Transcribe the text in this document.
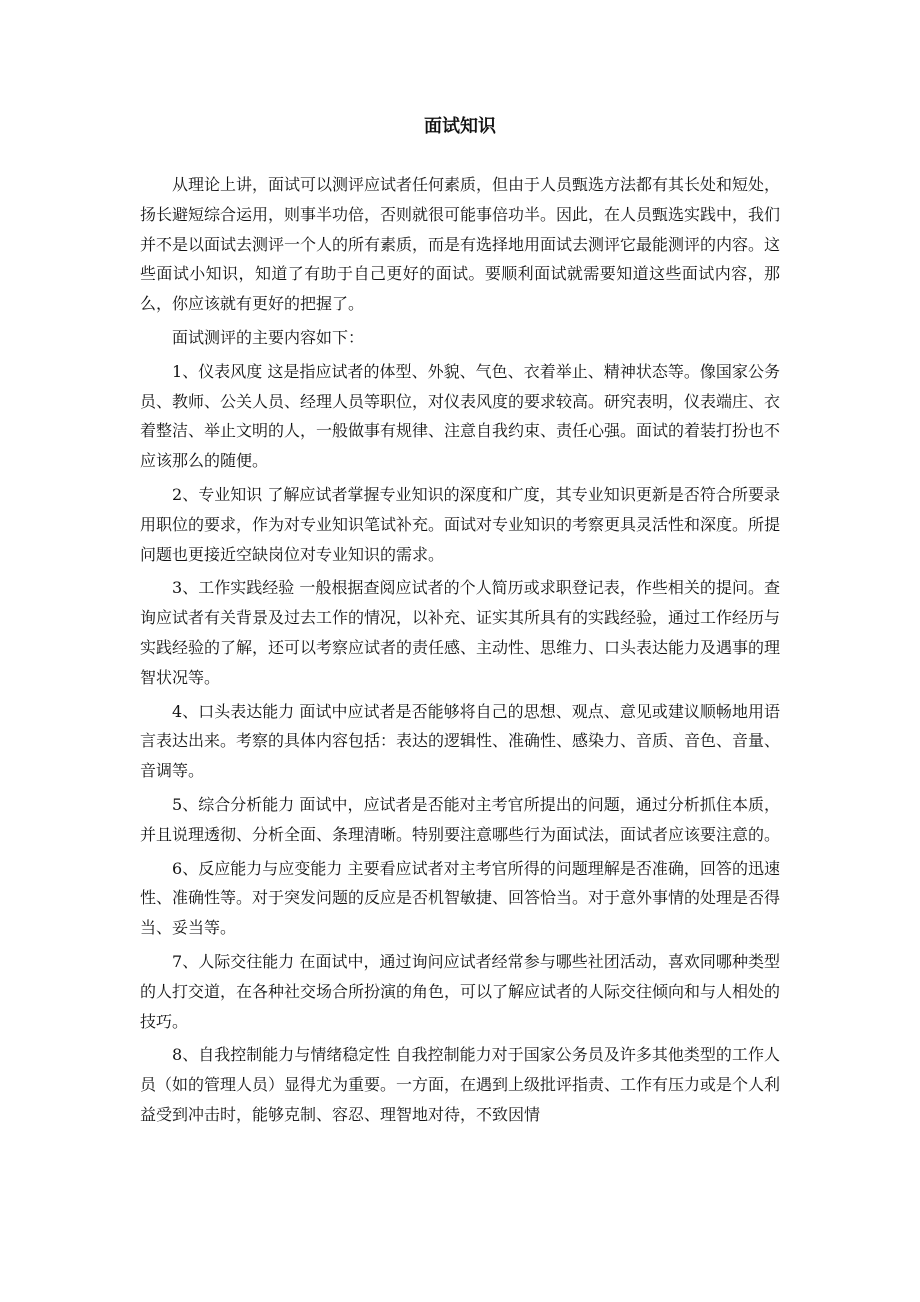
面试知识

从理论上讲，面试可以测评应试者任何素质，但由于人员甄选方法都有其长处和短处，扬长避短综合运用，则事半功倍，否则就很可能事倍功半。因此，在人员甄选实践中，我们并不是以面试去测评一个人的所有素质，而是有选择地用面试去测评它最能测评的内容。这些面试小知识，知道了有助于自己更好的面试。要顺利面试就需要知道这些面试内容，那么，你应该就有更好的把握了。

面试测评的主要内容如下：

1、仪表风度 这是指应试者的体型、外貌、气色、衣着举止、精神状态等。像国家公务员、教师、公关人员、经理人员等职位，对仪表风度的要求较高。研究表明，仪表端庄、衣着整洁、举止文明的人，一般做事有规律、注意自我约束、责任心强。面试的着装打扮也不应该那么的随便。

2、专业知识 了解应试者掌握专业知识的深度和广度，其专业知识更新是否符合所要录用职位的要求，作为对专业知识笔试补充。面试对专业知识的考察更具灵活性和深度。所提问题也更接近空缺岗位对专业知识的需求。

3、工作实践经验 一般根据查阅应试者的个人简历或求职登记表，作些相关的提问。查询应试者有关背景及过去工作的情况，以补充、证实其所具有的实践经验，通过工作经历与实践经验的了解，还可以考察应试者的责任感、主动性、思维力、口头表达能力及遇事的理智状况等。

4、口头表达能力 面试中应试者是否能够将自己的思想、观点、意见或建议顺畅地用语言表达出来。考察的具体内容包括：表达的逻辑性、准确性、感染力、音质、音色、音量、音调等。

5、综合分析能力 面试中，应试者是否能对主考官所提出的问题，通过分析抓住本质，并且说理透彻、分析全面、条理清晰。特别要注意哪些行为面试法，面试者应该要注意的。

6、反应能力与应变能力 主要看应试者对主考官所得的问题理解是否准确，回答的迅速性、准确性等。对于突发问题的反应是否机智敏捷、回答恰当。对于意外事情的处理是否得当、妥当等。

7、人际交往能力 在面试中，通过询问应试者经常参与哪些社团活动，喜欢同哪种类型的人打交道，在各种社交场合所扮演的角色，可以了解应试者的人际交往倾向和与人相处的技巧。

8、自我控制能力与情绪稳定性 自我控制能力对于国家公务员及许多其他类型的工作人员（如的管理人员）显得尤为重要。一方面，在遇到上级批评指责、工作有压力或是个人利益受到冲击时，能够克制、容忍、理智地对待，不致因情
